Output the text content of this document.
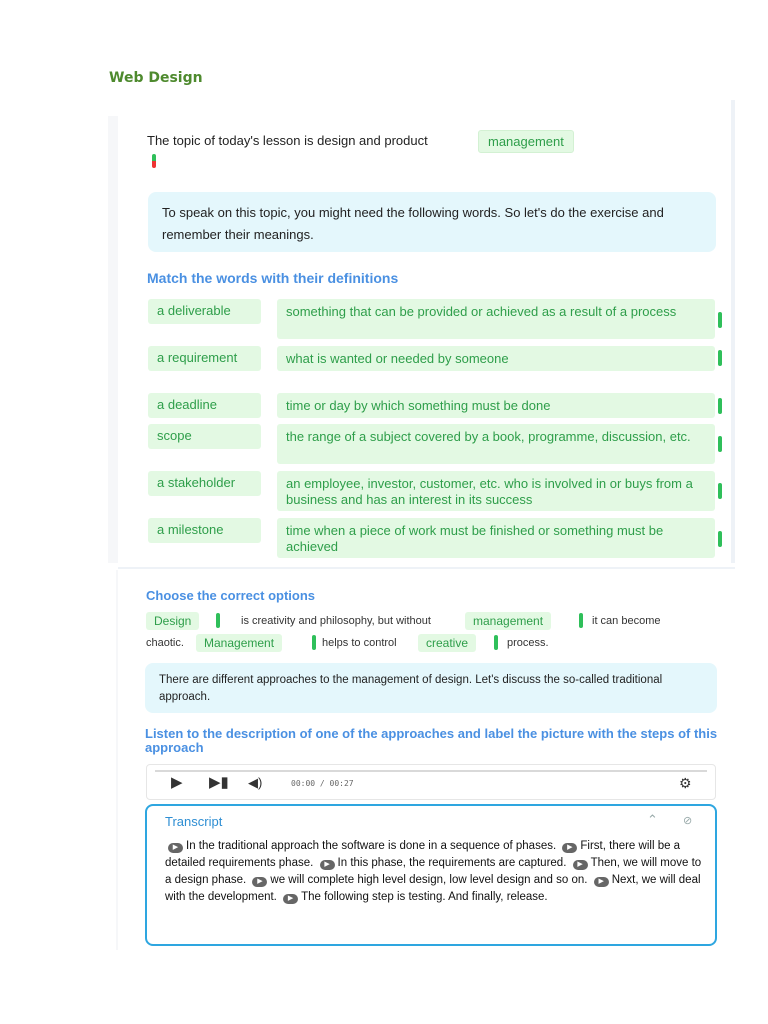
Web Design
The topic of today's lesson is design and product	management
To speak on this topic, you might need the following words. So let's do the exercise and remember their meanings.
Match the words with their definitions
a deliverable	something that can be provided or achieved as a result of a process
a requirement	what is wanted or needed by someone
a deadline	time or day by which something must be done
scope	the range of a subject covered by a book, programme, discussion, etc.
a stakeholder	an employee, investor, customer, etc. who is involved in or buys from a business and has an interest in its success
a milestone	time when a piece of work must be finished or something must be achieved
Choose the correct options
Design	is creativity and philosophy, but without	management	it can become
chaotic.	Management	helps to control	creative	process.
There are different approaches to the management of design. Let's discuss the so-called traditional approach.
Listen to the description of one of the approaches and label the picture with the steps of this approach
▶ ▶▮ ◀)	00:00 / 00:27	⚙
Transcript	⌃ ⊘
▶ In the traditional approach the software is done in a sequence of phases. ▶ First, there will be a detailed requirements phase. ▶ In this phase, the requirements are captured. ▶ Then, we will move to a design phase. ▶ we will complete high level design, low level design and so on. ▶ Next, we will deal with the development. ▶ The following step is testing. And finally, release.
